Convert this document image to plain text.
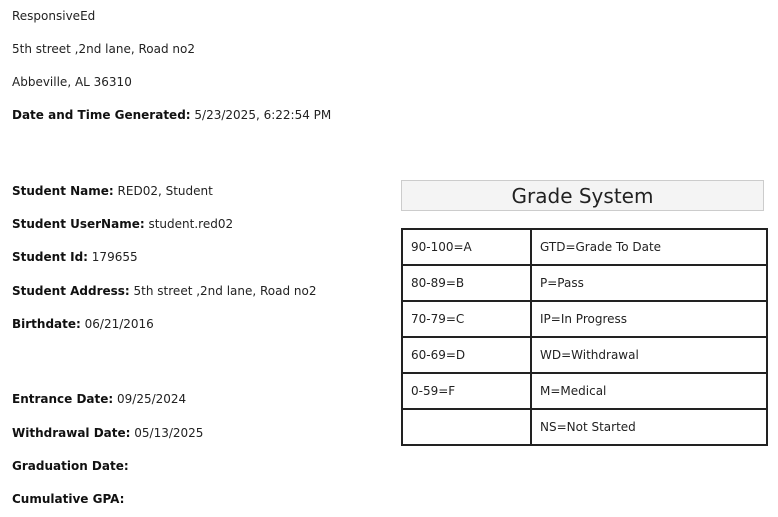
ResponsiveEd
5th street ,2nd lane, Road no2
Abbeville, AL 36310
Date and Time Generated: 5/23/2025, 6:22:54 PM
Student Name: RED02, Student
Student UserName: student.red02
Student Id: 179655
Student Address: 5th street ,2nd lane, Road no2
Birthdate: 06/21/2016
Entrance Date: 09/25/2024
Withdrawal Date: 05/13/2025
Graduation Date:
Cumulative GPA:
Grade System
90-100=A	GTD=Grade To Date
80-89=B	P=Pass
70-79=C	IP=In Progress
60-69=D	WD=Withdrawal
0-59=F	M=Medical
	NS=Not Started
